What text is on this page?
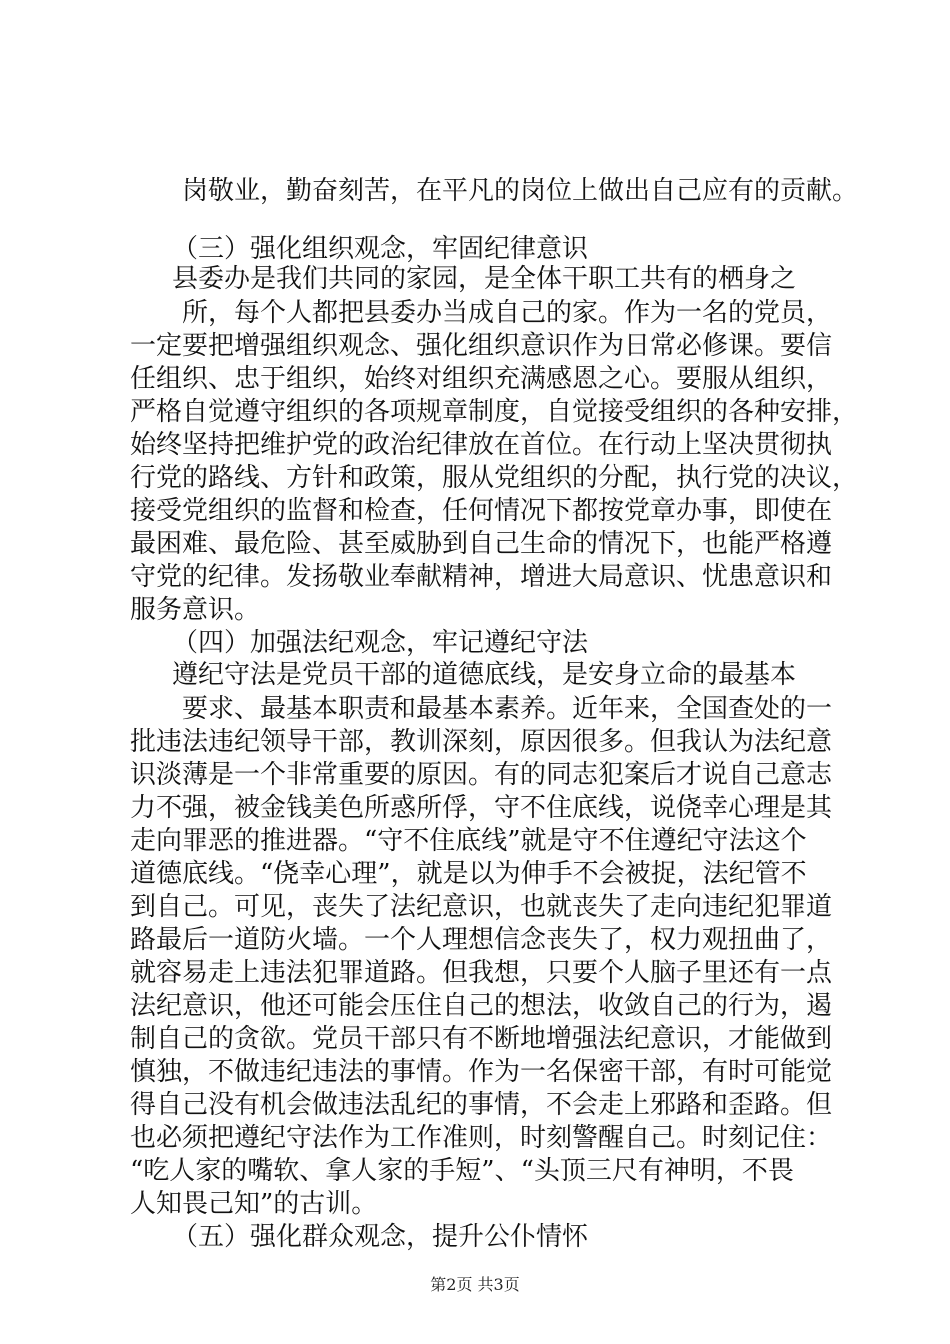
岗敬业，勤奋刻苦，在平凡的岗位上做出自己应有的贡献。
（三）强化组织观念，牢固纪律意识
县委办是我们共同的家园，是全体干职工共有的栖身之
所，每个人都把县委办当成自己的家。作为一名的党员，
一定要把增强组织观念、强化组织意识作为日常必修课。要信
任组织、忠于组织，始终对组织充满感恩之心。要服从组织，
严格自觉遵守组织的各项规章制度，自觉接受组织的各种安排，
始终坚持把维护党的政治纪律放在首位。在行动上坚决贯彻执
行党的路线、方针和政策，服从党组织的分配，执行党的决议，
接受党组织的监督和检查，任何情况下都按党章办事，即使在
最困难、最危险、甚至威胁到自己生命的情况下，也能严格遵
守党的纪律。发扬敬业奉献精神，增进大局意识、忧患意识和
服务意识。
（四）加强法纪观念，牢记遵纪守法
遵纪守法是党员干部的道德底线，是安身立命的最基本
要求、最基本职责和最基本素养。近年来，全国查处的一
批违法违纪领导干部，教训深刻，原因很多。但我认为法纪意
识淡薄是一个非常重要的原因。有的同志犯案后才说自己意志
力不强，被金钱美色所惑所俘，守不住底线，说侥幸心理是其
走向罪恶的推进器。“守不住底线”就是守不住遵纪守法这个
道德底线。“侥幸心理”，就是以为伸手不会被捉，法纪管不
到自己。可见，丧失了法纪意识，也就丧失了走向违纪犯罪道
路最后一道防火墙。一个人理想信念丧失了，权力观扭曲了，
就容易走上违法犯罪道路。但我想，只要个人脑子里还有一点
法纪意识，他还可能会压住自己的想法，收敛自己的行为，遏
制自己的贪欲。党员干部只有不断地增强法纪意识，才能做到
慎独，不做违纪违法的事情。作为一名保密干部，有时可能觉
得自己没有机会做违法乱纪的事情，不会走上邪路和歪路。但
也必须把遵纪守法作为工作准则，时刻警醒自己。时刻记住：
“吃人家的嘴软、拿人家的手短”、“头顶三尺有神明，不畏
人知畏己知”的古训。
（五）强化群众观念，提升公仆情怀
第2页 共3页
